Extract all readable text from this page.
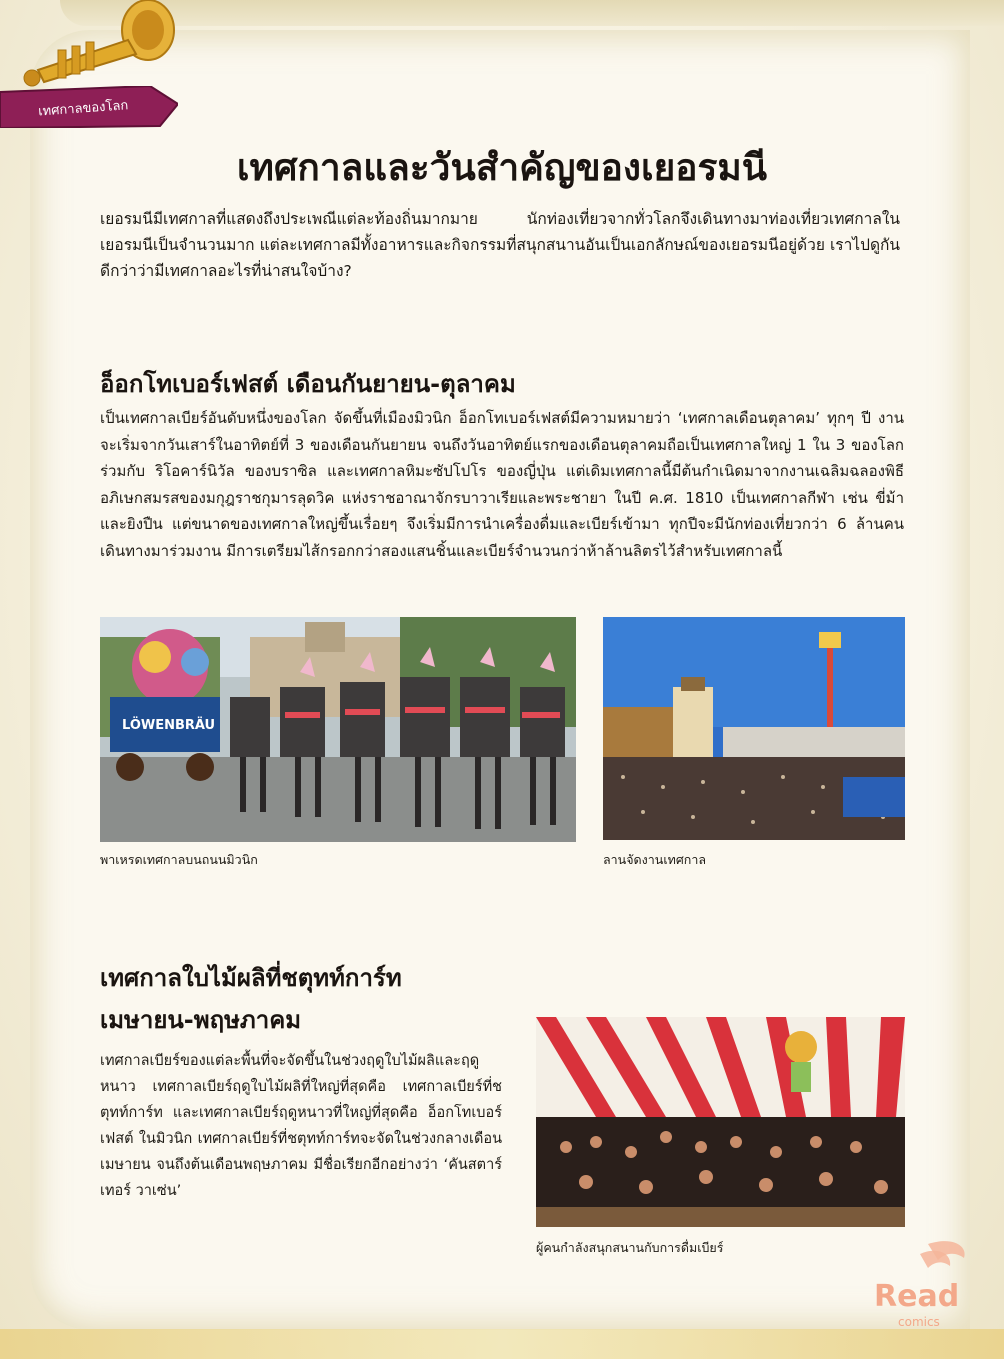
เทศกาลของโลก
เทศกาลและวันสำคัญของเยอรมนี
เยอรมนีมีเทศกาลที่แสดงถึงประเพณีแต่ละท้องถิ่นมากมาย นักท่องเที่ยวจากทั่วโลกจึงเดินทางมาท่องเที่ยวเทศกาลในเยอรมนีเป็นจำนวนมาก แต่ละเทศกาลมีทั้งอาหารและกิจกรรมที่สนุกสนานอันเป็นเอกลักษณ์ของเยอรมนีอยู่ด้วย เราไปดูกันดีกว่าว่ามีเทศกาลอะไรที่น่าสนใจบ้าง?
อ็อกโทเบอร์เฟสต์ เดือนกันยายน-ตุลาคม
เป็นเทศกาลเบียร์อันดับหนึ่งของโลก จัดขึ้นที่เมืองมิวนิก อ็อกโทเบอร์เฟสต์มีความหมายว่า ‘เทศกาลเดือนตุลาคม’ ทุกๆ ปี งานจะเริ่มจากวันเสาร์ในอาทิตย์ที่ 3 ของเดือนกันยายน จนถึงวันอาทิตย์แรกของเดือนตุลาคมถือเป็นเทศกาลใหญ่ 1 ใน 3 ของโลก ร่วมกับ ริโอคาร์นิวัล ของบราซิล และเทศกาลหิมะซัปโปโร ของญี่ปุ่น แต่เดิมเทศกาลนี้มีต้นกำเนิดมาจากงานเฉลิมฉลองพิธีอภิเษกสมรสของมกุฎราชกุมารลุดวิค แห่งราชอาณาจักรบาวาเรียและพระชายา ในปี ค.ศ. 1810 เป็นเทศกาลกีฬา เช่น ขี่ม้าและยิงปืน แต่ขนาดของเทศกาลใหญ่ขึ้นเรื่อยๆ จึงเริ่มมีการนำเครื่องดื่มและเบียร์เข้ามา ทุกปีจะมีนักท่องเที่ยวกว่า 6 ล้านคนเดินทางมาร่วมงาน มีการเตรียมไส้กรอกกว่าสองแสนชิ้นและเบียร์จำนวนกว่าห้าล้านลิตรไว้สำหรับเทศกาลนี้
LÖWENBRÄU
พาเหรดเทศกาลบนถนนมิวนิก	ลานจัดงานเทศกาล
เทศกาลใบไม้ผลิที่ชตุทท์การ์ท
เมษายน-พฤษภาคม
เทศกาลเบียร์ของแต่ละพื้นที่จะจัดขึ้นในช่วงฤดูใบไม้ผลิและฤดูหนาว เทศกาลเบียร์ฤดูใบไม้ผลิที่ใหญ่ที่สุดคือ เทศกาลเบียร์ที่ชตุทท์การ์ท และเทศกาลเบียร์ฤดูหนาวที่ใหญ่ที่สุดคือ อ็อกโทเบอร์เฟสต์ ในมิวนิก เทศกาลเบียร์ที่ชตุทท์การ์ทจะจัดในช่วงกลางเดือนเมษายน จนถึงต้นเดือนพฤษภาคม มีชื่อเรียกอีกอย่างว่า ‘คันสตาร์เทอร์ วาเซ่น’
ผู้คนกำลังสนุกสนานกับการดื่มเบียร์
Read
comics
